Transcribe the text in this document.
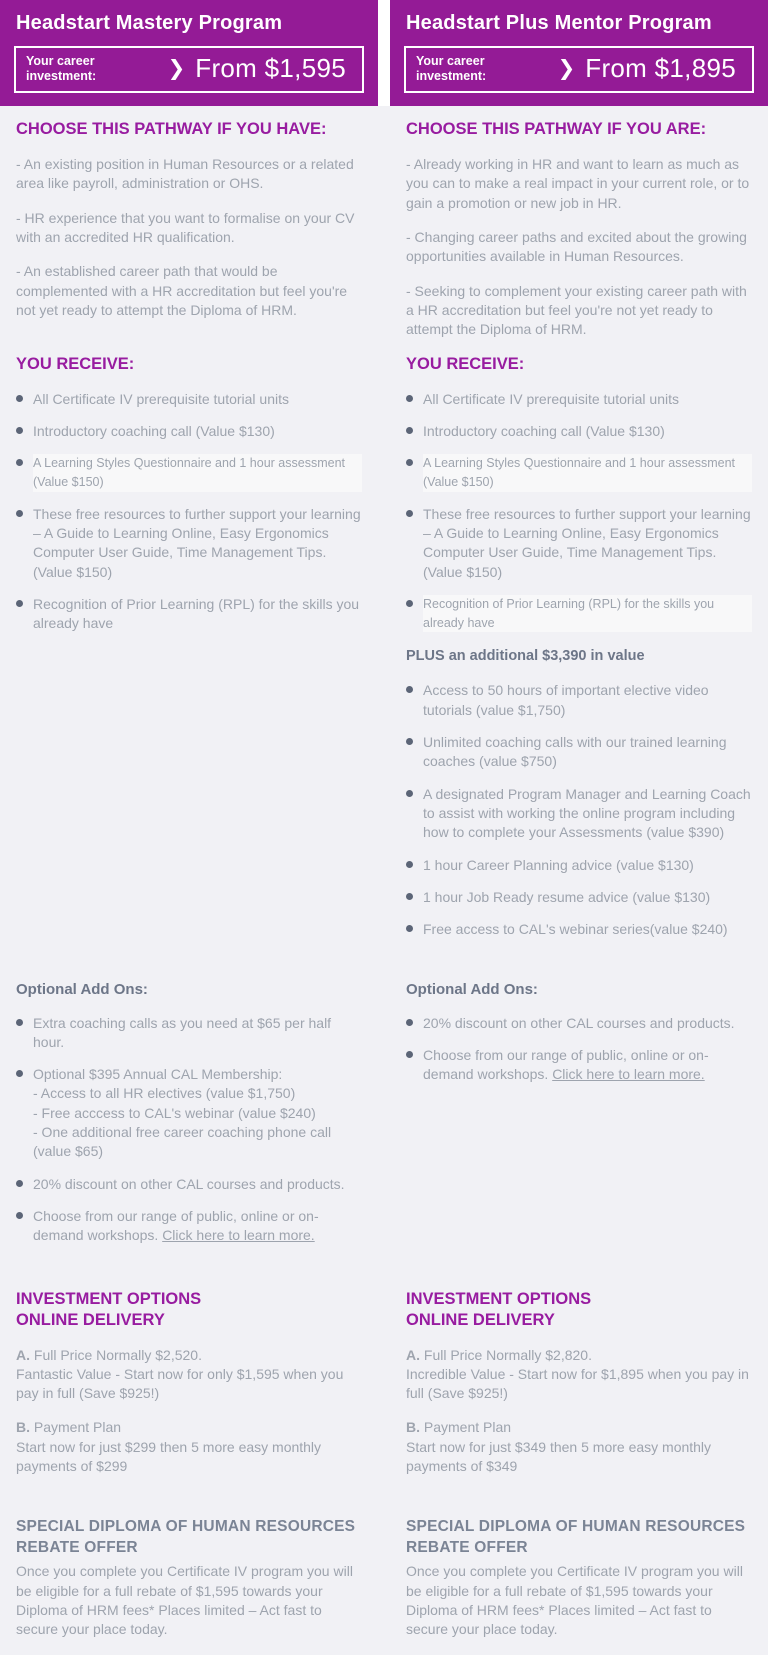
Headstart Mastery Program
Your career
investment:	❯ From $1,595
Headstart Plus Mentor Program
Your career
investment:	❯ From $1,895
CHOOSE THIS PATHWAY IF YOU HAVE:

- An existing position in Human Resources or a related area like payroll, administration or OHS.

- HR experience that you want to formalise on your CV with an accredited HR qualification.

- An established career path that would be complemented with a HR accreditation but feel you're not yet ready to attempt the Diploma of HRM.

CHOOSE THIS PATHWAY IF YOU ARE:

- Already working in HR and want to learn as much as you can to make a real impact in your current role, or to gain a promotion or new job in HR.

- Changing career paths and excited about the growing opportunities available in Human Resources.

- Seeking to complement your existing career path with a HR accreditation but feel you're not yet ready to attempt the Diploma of HRM.

YOU RECEIVE:
All Certificate IV prerequisite tutorial units
Introductory coaching call (Value $130)
A Learning Styles Questionnaire and 1 hour assessment (Value $150)
These free resources to further support your learning – A Guide to Learning Online, Easy Ergonomics Computer User Guide, Time Management Tips. (Value $150)
Recognition of Prior Learning (RPL) for the skills you already have
YOU RECEIVE:
All Certificate IV prerequisite tutorial units
Introductory coaching call (Value $130)
A Learning Styles Questionnaire and 1 hour assessment (Value $150)
These free resources to further support your learning – A Guide to Learning Online, Easy Ergonomics Computer User Guide, Time Management Tips. (Value $150)
Recognition of Prior Learning (RPL) for the skills you already have
PLUS an additional $3,390 in value
Access to 50 hours of important elective video tutorials (value $1,750)
Unlimited coaching calls with our trained learning coaches (value $750)
A designated Program Manager and Learning Coach to assist with working the online program including how to complete your Assessments (value $390)
1 hour Career Planning advice (value $130)
1 hour Job Ready resume advice (value $130)
Free access to CAL's webinar series(value $240)
Optional Add Ons:
Extra coaching calls as you need at $65 per half hour.
Optional $395 Annual CAL Membership:
- Access to all HR electives (value $1,750)
- Free acccess to CAL's webinar (value $240)
- One additional free career coaching phone call (value $65)
20% discount on other CAL courses and products.
Choose from our range of public, online or on-demand workshops. Click here to learn more.
Optional Add Ons:
20% discount on other CAL courses and products.
Choose from our range of public, online or on-demand workshops. Click here to learn more.
INVESTMENT OPTIONS
ONLINE DELIVERY

A. Full Price Normally $2,520.

Fantastic Value - Start now for only $1,595 when you pay in full (Save $925!)

B. Payment Plan

Start now for just $299 then 5 more easy monthly payments of $299

INVESTMENT OPTIONS
ONLINE DELIVERY

A. Full Price Normally $2,820.

Incredible Value - Start now for $1,895 when you pay in full (Save $925!)

B. Payment Plan

Start now for just $349 then 5 more easy monthly payments of $349

SPECIAL DIPLOMA OF HUMAN RESOURCES REBATE OFFER

Once you complete you Certificate IV program you will be eligible for a full rebate of $1,595 towards your Diploma of HRM fees* Places limited – Act fast to secure your place today.

SPECIAL DIPLOMA OF HUMAN RESOURCES REBATE OFFER

Once you complete you Certificate IV program you will be eligible for a full rebate of $1,595 towards your Diploma of HRM fees* Places limited – Act fast to secure your place today.
